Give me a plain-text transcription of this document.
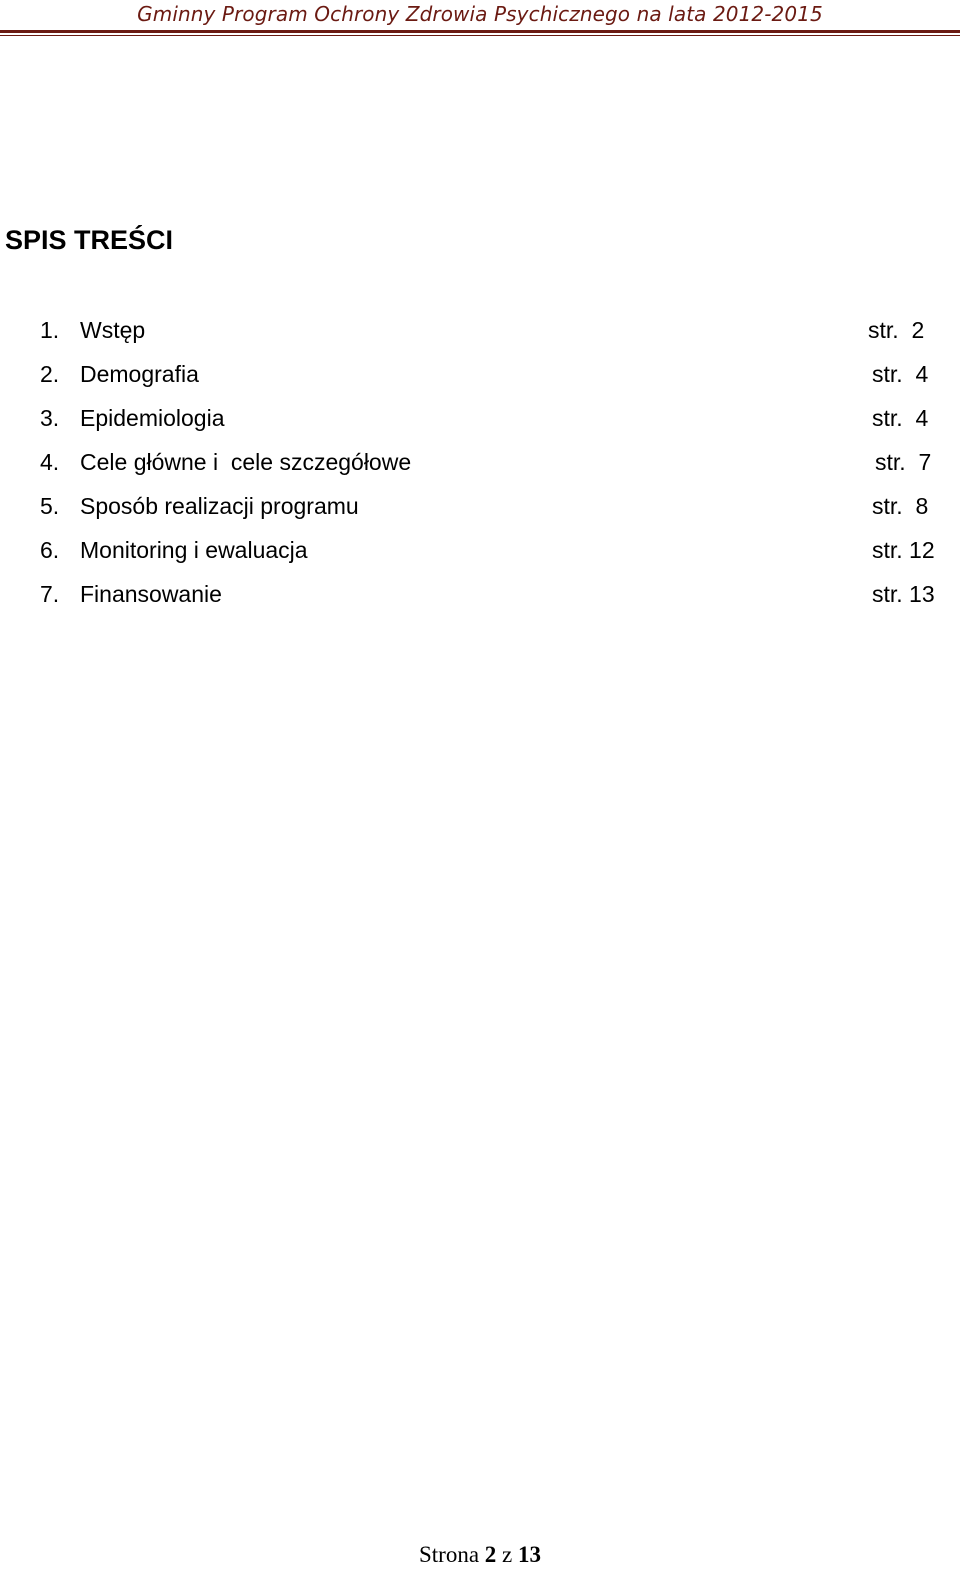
Gminny Program Ochrony Zdrowia Psychicznego na lata 2012-2015
SPIS TREŚCI
1. Wstęp	str.  2
2. Demografia	str.  4
3. Epidemiologia	str.  4
4. Cele główne i  cele szczegółowe	str.  7
5. Sposób realizacji programu	str.  8
6. Monitoring i ewaluacja	str. 12
7. Finansowanie	str. 13
Strona 2 z 13
